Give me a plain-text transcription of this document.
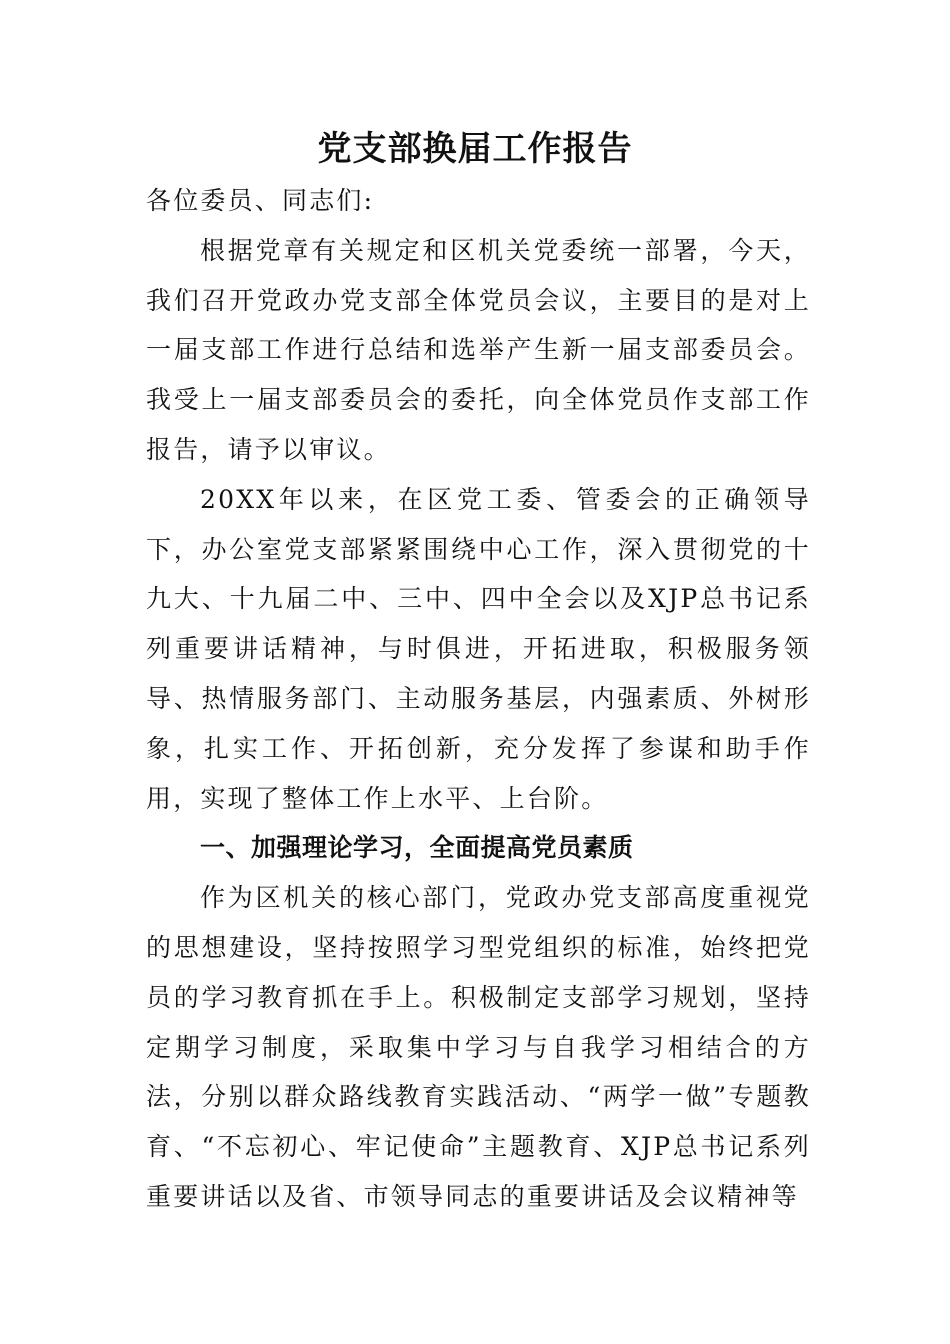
党支部换届工作报告

各位委员、同志们:

根据党章有关规定和区机关党委统一部署，今天，我们召开党政办党支部全体党员会议，主要目的是对上一届支部工作进行总结和选举产生新一届支部委员会。我受上一届支部委员会的委托，向全体党员作支部工作报告，请予以审议。

20XX年以来，在区党工委、管委会的正确领导下，办公室党支部紧紧围绕中心工作，深入贯彻党的十九大、十九届二中、三中、四中全会以及XJP总书记系列重要讲话精神，与时俱进，开拓进取，积极服务领导、热情服务部门、主动服务基层，内强素质、外树形象，扎实工作、开拓创新，充分发挥了参谋和助手作用，实现了整体工作上水平、上台阶。

一、加强理论学习，全面提高党员素质

作为区机关的核心部门，党政办党支部高度重视党的思想建设，坚持按照学习型党组织的标准，始终把党员的学习教育抓在手上。积极制定支部学习规划，坚持定期学习制度，采取集中学习与自我学习相结合的方法，分别以群众路线教育实践活动、“两学一做”专题教育、“不忘初心、牢记使命”主题教育、XJP总书记系列重要讲话以及省、市领导同志的重要讲话及会议精神等
